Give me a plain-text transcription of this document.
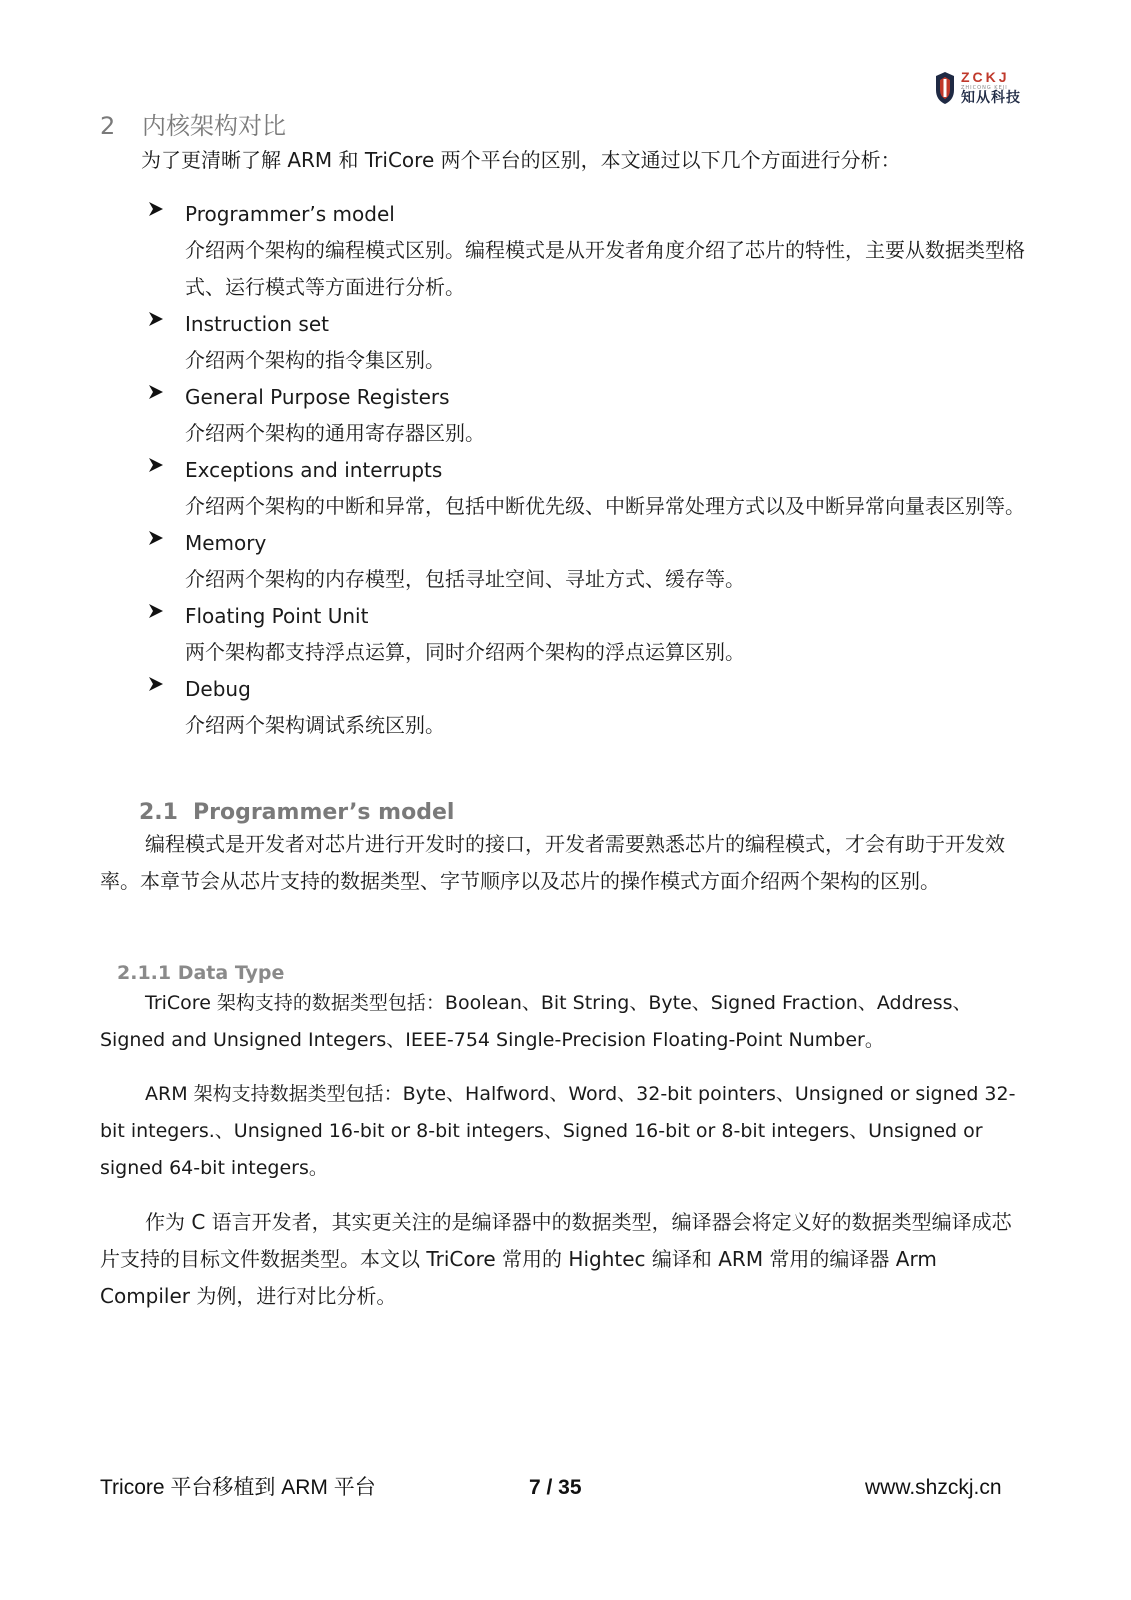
ZCKJ
ZHICONG KEJI
知从科技
2 内核架构对比
为了更清晰了解 ARM 和 TriCore 两个平台的区别，本文通过以下几个方面进行分析：
Programmer’s model
介绍两个架构的编程模式区别。编程模式是从开发者角度介绍了芯片的特性，主要从数据类型格式、运行模式等方面进行分析。
Instruction set
介绍两个架构的指令集区别。
General Purpose Registers
介绍两个架构的通用寄存器区别。
Exceptions and interrupts
介绍两个架构的中断和异常，包括中断优先级、中断异常处理方式以及中断异常向量表区别等。
Memory
介绍两个架构的内存模型，包括寻址空间、寻址方式、缓存等。
Floating Point Unit
两个架构都支持浮点运算，同时介绍两个架构的浮点运算区别。
Debug
介绍两个架构调试系统区别。
2.1 Programmer’s model
编程模式是开发者对芯片进行开发时的接口，开发者需要熟悉芯片的编程模式，才会有助于开发效率。本章节会从芯片支持的数据类型、字节顺序以及芯片的操作模式方面介绍两个架构的区别。
2.1.1 Data Type
TriCore 架构支持的数据类型包括：Boolean、Bit String、Byte、Signed Fraction、Address、Signed and Unsigned Integers、IEEE-754 Single-Precision Floating-Point Number。
ARM 架构支持数据类型包括：Byte、Halfword、Word、32-bit pointers、Unsigned or signed 32-bit integers.、Unsigned 16-bit or 8-bit integers、Signed 16-bit or 8-bit integers、Unsigned or signed 64-bit integers。
作为 C 语言开发者，其实更关注的是编译器中的数据类型，编译器会将定义好的数据类型编译成芯片支持的目标文件数据类型。本文以 TriCore 常用的 Hightec 编译和 ARM 常用的编译器 Arm Compiler 为例，进行对比分析。
Tricore 平台移植到 ARM 平台	7 / 35	www.shzckj.cn
